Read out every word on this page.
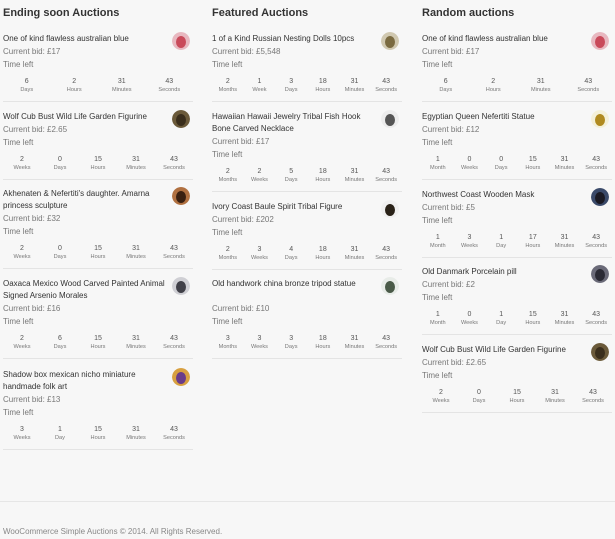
Ending soon Auctions
One of kind flawless australian blue
Current bid: £17
Time left
6
Days
2
Hours
31
Minutes
43
Seconds
Wolf Cub Bust Wild Life Garden Figurine
Current bid: £2.65
Time left
2
Weeks
0
Days
15
Hours
31
Minutes
43
Seconds
Akhenaten & Nefertiti's daughter. Amarna princess sculpture
Current bid: £32
Time left
2
Weeks
0
Days
15
Hours
31
Minutes
43
Seconds
Oaxaca Mexico Wood Carved Painted Animal Signed Arsenio Morales
Current bid: £16
Time left
2
Weeks
6
Days
15
Hours
31
Minutes
43
Seconds
Shadow box mexican nicho miniature handmade folk art
Current bid: £13
Time left
3
Weeks
1
Day
15
Hours
31
Minutes
43
Seconds
Featured Auctions
1 of a Kind Russian Nesting Dolls 10pcs
Current bid: £5,548
Time left
2
Months
1
Week
3
Days
18
Hours
31
Minutes
43
Seconds
Hawaiian Hawaii Jewelry Tribal Fish Hook Bone Carved Necklace
Current bid: £17
Time left
2
Months
2
Weeks
5
Days
18
Hours
31
Minutes
43
Seconds
Ivory Coast Baule Spirit Tribal Figure
Current bid: £202
Time left
2
Months
3
Weeks
4
Days
18
Hours
31
Minutes
43
Seconds
Old handwork china bronze tripod statue
Current bid: £10
Time left
3
Months
3
Weeks
3
Days
18
Hours
31
Minutes
43
Seconds
Random auctions
One of kind flawless australian blue
Current bid: £17
Time left
6
Days
2
Hours
31
Minutes
43
Seconds
Egyptian Queen Nefertiti Statue
Current bid: £12
Time left
1
Month
0
Weeks
0
Days
15
Hours
31
Minutes
43
Seconds
Northwest Coast Wooden Mask
Current bid: £5
Time left
1
Month
3
Weeks
1
Day
17
Hours
31
Minutes
43
Seconds
Old Danmark Porcelain pill
Current bid: £2
Time left
1
Month
0
Weeks
1
Day
15
Hours
31
Minutes
43
Seconds
Wolf Cub Bust Wild Life Garden Figurine
Current bid: £2.65
Time left
2
Weeks
0
Days
15
Hours
31
Minutes
43
Seconds
WooCommerce Simple Auctions © 2014. All Rights Reserved.
